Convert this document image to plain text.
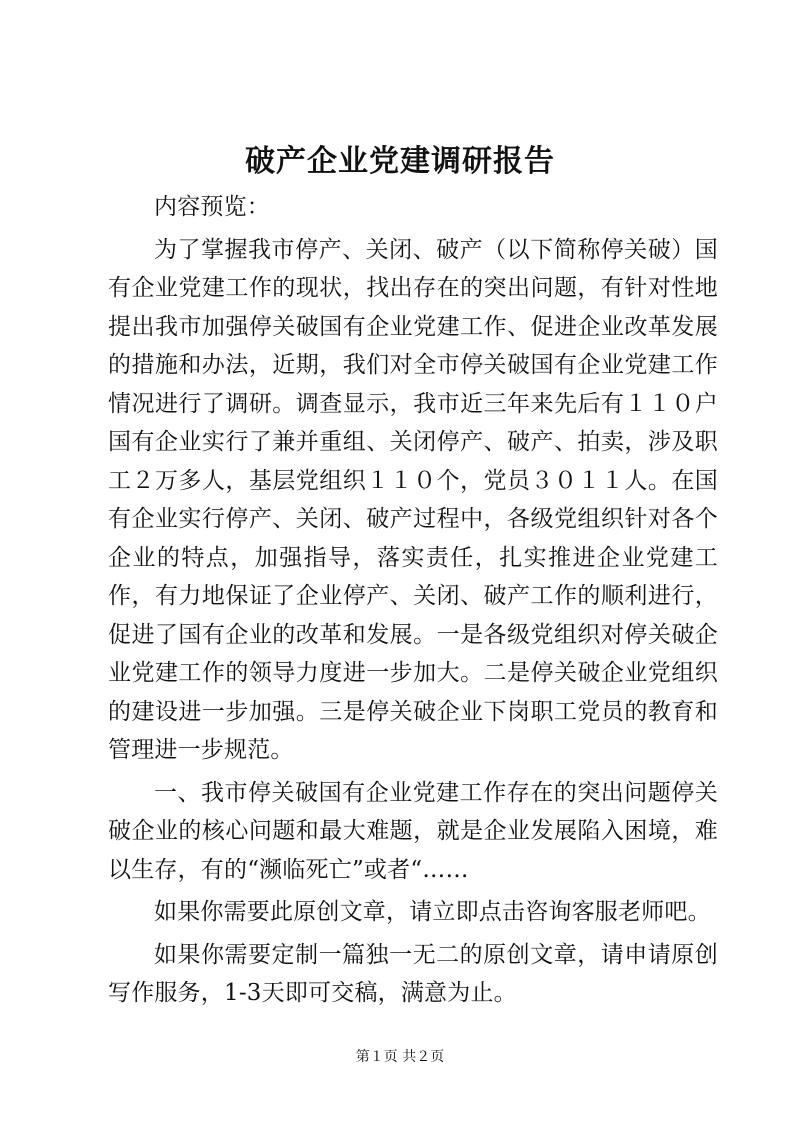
破产企业党建调研报告

内容预览：

为了掌握我市停产、关闭、破产（以下简称停关破）国有企业党建工作的现状，找出存在的突出问题，有针对性地提出我市加强停关破国有企业党建工作、促进企业改革发展的措施和办法，近期，我们对全市停关破国有企业党建工作情况进行了调研。调查显示，我市近三年来先后有１１０户国有企业实行了兼并重组、关闭停产、破产、拍卖，涉及职工２万多人，基层党组织１１０个，党员３０１１人。在国有企业实行停产、关闭、破产过程中，各级党组织针对各个企业的特点，加强指导，落实责任，扎实推进企业党建工作，有力地保证了企业停产、关闭、破产工作的顺利进行，促进了国有企业的改革和发展。一是各级党组织对停关破企业党建工作的领导力度进一步加大。二是停关破企业党组织的建设进一步加强。三是停关破企业下岗职工党员的教育和管理进一步规范。

一、我市停关破国有企业党建工作存在的突出问题停关破企业的核心问题和最大难题，就是企业发展陷入困境，难以生存，有的“濒临死亡”或者“……

如果你需要此原创文章，请立即点击咨询客服老师吧。

如果你需要定制一篇独一无二的原创文章，请申请原创写作服务，1-3天即可交稿，满意为止。

第１页 共２页
